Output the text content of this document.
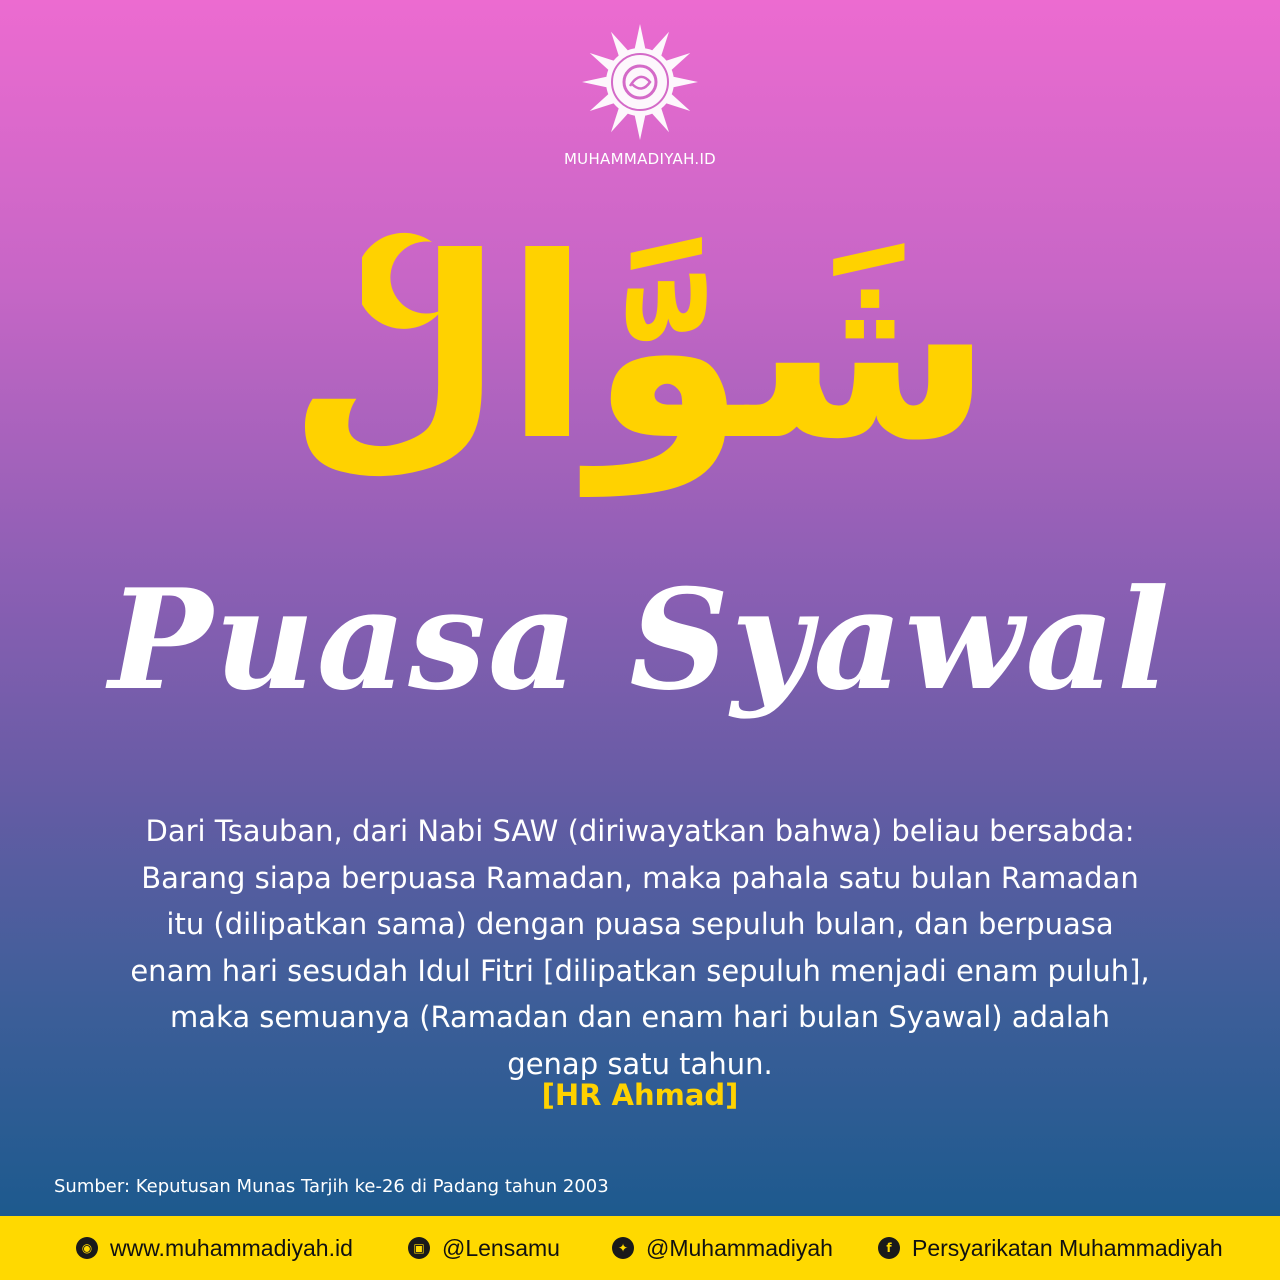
MUHAMMADIYAH.ID
شَوَّال
Puasa Syawal
Dari Tsauban, dari Nabi SAW (diriwayatkan bahwa) beliau bersabda: Barang siapa berpuasa Ramadan, maka pahala satu bulan Ramadan itu (dilipatkan sama) dengan puasa sepuluh bulan, dan berpuasa enam hari sesudah Idul Fitri [dilipatkan sepuluh menjadi enam puluh], maka semuanya (Ramadan dan enam hari bulan Syawal) adalah genap satu tahun.
[HR Ahmad]
Sumber: Keputusan Munas Tarjih ke-26 di Padang tahun 2003
◉ www.muhammadiyah.id	▣ @Lensamu	✦ @Muhammadiyah	f Persyarikatan Muhammadiyah
